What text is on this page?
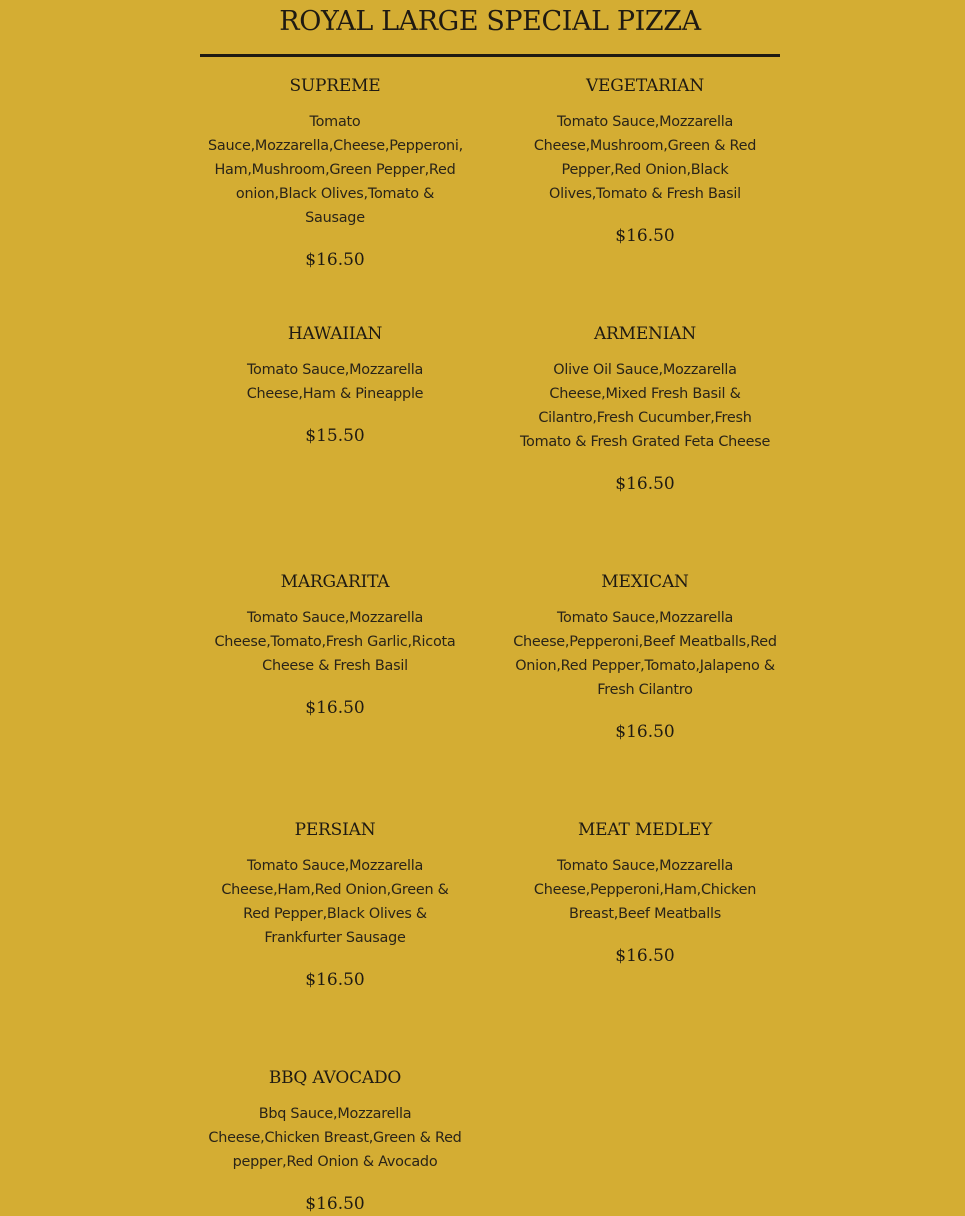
ROYAL LARGE SPECIAL PIZZA
SUPREME
Tomato Sauce,Mozzarella,Cheese,Pepperoni, Ham,Mushroom,Green Pepper,Red onion,Black Olives,Tomato & Sausage
$16.50
VEGETARIAN
Tomato Sauce,Mozzarella Cheese,Mushroom,Green & Red Pepper,Red Onion,Black Olives,Tomato & Fresh Basil
$16.50
HAWAIIAN
Tomato Sauce,Mozzarella Cheese,Ham & Pineapple
$15.50
ARMENIAN
Olive Oil Sauce,Mozzarella Cheese,Mixed Fresh Basil & Cilantro,Fresh Cucumber,Fresh Tomato & Fresh Grated Feta Cheese
$16.50
MARGARITA
Tomato Sauce,Mozzarella Cheese,Tomato,Fresh Garlic,Ricota Cheese & Fresh Basil
$16.50
MEXICAN
Tomato Sauce,Mozzarella Cheese,Pepperoni,Beef Meatballs,Red Onion,Red Pepper,Tomato,Jalapeno & Fresh Cilantro
$16.50
PERSIAN
Tomato Sauce,Mozzarella Cheese,Ham,Red Onion,Green & Red Pepper,Black Olives & Frankfurter Sausage
$16.50
MEAT MEDLEY
Tomato Sauce,Mozzarella Cheese,Pepperoni,Ham,Chicken Breast,Beef Meatballs
$16.50
BBQ AVOCADO
Bbq Sauce,Mozzarella Cheese,Chicken Breast,Green & Red pepper,Red Onion & Avocado
$16.50
